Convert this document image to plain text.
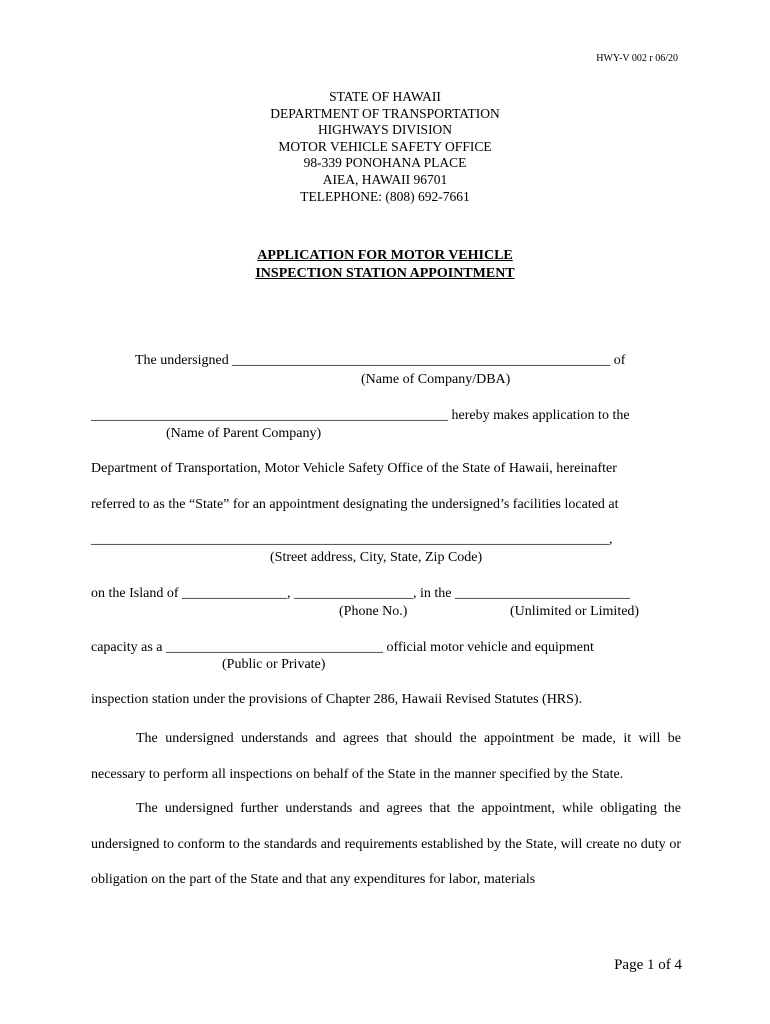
HWY-V 002 r 06/20
STATE OF HAWAII
DEPARTMENT OF TRANSPORTATION
HIGHWAYS DIVISION
MOTOR VEHICLE SAFETY OFFICE
98-339 PONOHANA PLACE
AIEA, HAWAII 96701
TELEPHONE: (808) 692-7661
APPLICATION FOR MOTOR VEHICLE
INSPECTION STATION APPOINTMENT
The undersigned ______________________________________________________ of
(Name of Company/DBA)
___________________________________________________ hereby makes application to the
(Name of Parent Company)
Department of Transportation, Motor Vehicle Safety Office of the State of Hawaii, hereinafter
referred to as the “State” for an appointment designating the undersigned’s facilities located at
__________________________________________________________________________,
(Street address, City, State, Zip Code)
on the Island of _______________, _________________, in the _________________________
(Phone No.)	(Unlimited or Limited)
capacity as a _______________________________ official motor vehicle and equipment
(Public or Private)
inspection station under the provisions of Chapter 286, Hawaii Revised Statutes (HRS).
The undersigned understands and agrees that should the appointment be made, it will be necessary to perform all inspections on behalf of the State in the manner specified by the State.
The undersigned further understands and agrees that the appointment, while obligating the undersigned to conform to the standards and requirements established by the State, will create no duty or obligation on the part of the State and that any expenditures for labor, materials
Page 1 of 4
